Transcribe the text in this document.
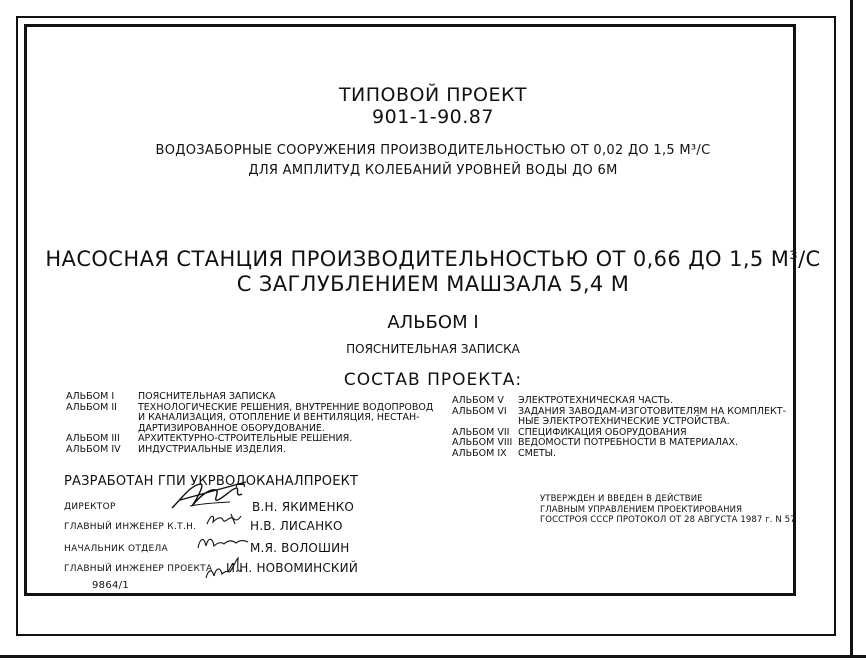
ТИПОВОЙ ПРОЕКТ
901-1-90.87
ВОДОЗАБОРНЫЕ СООРУЖЕНИЯ ПРОИЗВОДИТЕЛЬНОСТЬЮ ОТ 0,02 ДО 1,5 М³/С
ДЛЯ АМПЛИТУД КОЛЕБАНИЙ УРОВНЕЙ ВОДЫ ДО 6М
НАСОСНАЯ СТАНЦИЯ ПРОИЗВОДИТЕЛЬНОСТЬЮ ОТ 0,66 ДО 1,5 М³/С
С ЗАГЛУБЛЕНИЕМ МАШЗАЛА 5,4 М
АЛЬБОМ I
ПОЯСНИТЕЛЬНАЯ ЗАПИСКА
СОСТАВ ПРОЕКТА:
АЛЬБОМ I	ПОЯСНИТЕЛЬНАЯ ЗАПИСКА
АЛЬБОМ II	ТЕХНОЛОГИЧЕСКИЕ РЕШЕНИЯ, ВНУТРЕННИЕ ВОДОПРОВОД
И КАНАЛИЗАЦИЯ, ОТОПЛЕНИЕ И ВЕНТИЛЯЦИЯ, НЕСТАН-
ДАРТИЗИРОВАННОЕ ОБОРУДОВАНИЕ.
АЛЬБОМ III	АРХИТЕКТУРНО-СТРОИТЕЛЬНЫЕ РЕШЕНИЯ.
АЛЬБОМ IV	ИНДУСТРИАЛЬНЫЕ ИЗДЕЛИЯ.
АЛЬБОМ V	ЭЛЕКТРОТЕХНИЧЕСКАЯ ЧАСТЬ.
АЛЬБОМ VI	ЗАДАНИЯ ЗАВОДАМ-ИЗГОТОВИТЕЛЯМ НА КОМПЛЕКТ-
НЫЕ ЭЛЕКТРОТЕХНИЧЕСКИЕ УСТРОЙСТВА.
АЛЬБОМ VII СПЕЦИФИКАЦИЯ ОБОРУДОВАНИЯ
АЛЬБОМ VIII ВЕДОМОСТИ ПОТРЕБНОСТИ В МАТЕРИАЛАХ.
АЛЬБОМ IX	СМЕТЫ.
РАЗРАБОТАН ГПИ УКРВОДОКАНАЛПРОЕКТ
ДИРЕКТОР	В.Н. ЯКИМЕНКО
ГЛАВНЫЙ ИНЖЕНЕР К.Т.Н.	Н.В. ЛИСАНКО
НАЧАЛЬНИК ОТДЕЛА	М.Я. ВОЛОШИН
ГЛАВНЫЙ ИНЖЕНЕР ПРОЕКТА И.Н. НОВОМИНСКИЙ
9864/1
УТВЕРЖДЕН И ВВЕДЕН В ДЕЙСТВИЕ
ГЛАВНЫМ УПРАВЛЕНИЕМ ПРОЕКТИРОВАНИЯ
ГОССТРОЯ СССР ПРОТОКОЛ ОТ 28 АВГУСТА 1987 г. N 57
